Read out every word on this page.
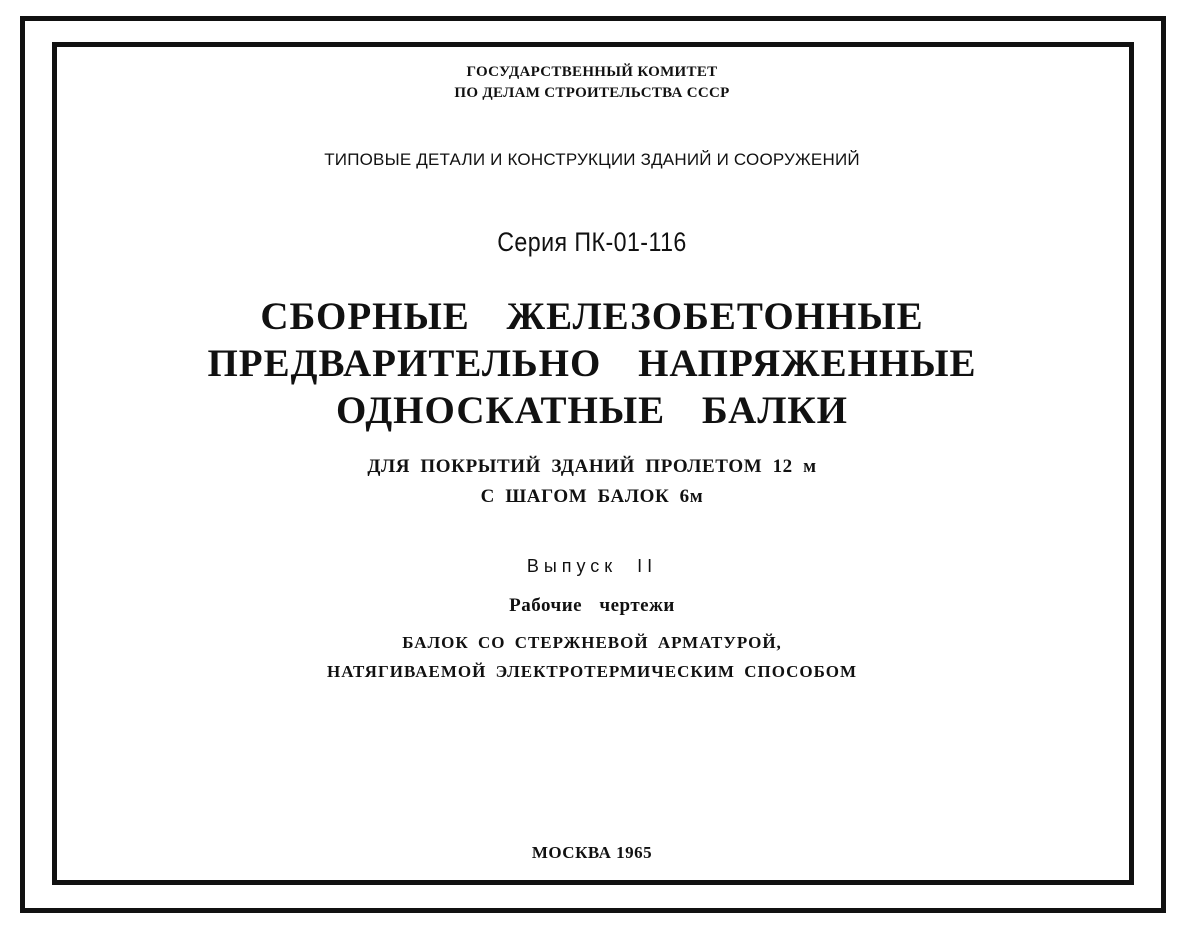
ГОСУДАРСТВЕННЫЙ КОМИТЕТ
ПО ДЕЛАМ СТРОИТЕЛЬСТВА СССР
ТИПОВЫЕ ДЕТАЛИ И КОНСТРУКЦИИ ЗДАНИЙ И СООРУЖЕНИЙ
Серия ПК-01-116
СБОРНЫЕ ЖЕЛЕЗОБЕТОННЫЕ
ПРЕДВАРИТЕЛЬНО НАПРЯЖЕННЫЕ
ОДНОСКАТНЫЕ БАЛКИ
ДЛЯ ПОКРЫТИЙ ЗДАНИЙ ПРОЛЕТОМ 12 м
С ШАГОМ БАЛОК 6м
Выпуск II
Рабочие чертежи
БАЛОК СО СТЕРЖНЕВОЙ АРМАТУРОЙ,
НАТЯГИВАЕМОЙ ЭЛЕКТРОТЕРМИЧЕСКИМ СПОСОБОМ
МОСКВА 1965
